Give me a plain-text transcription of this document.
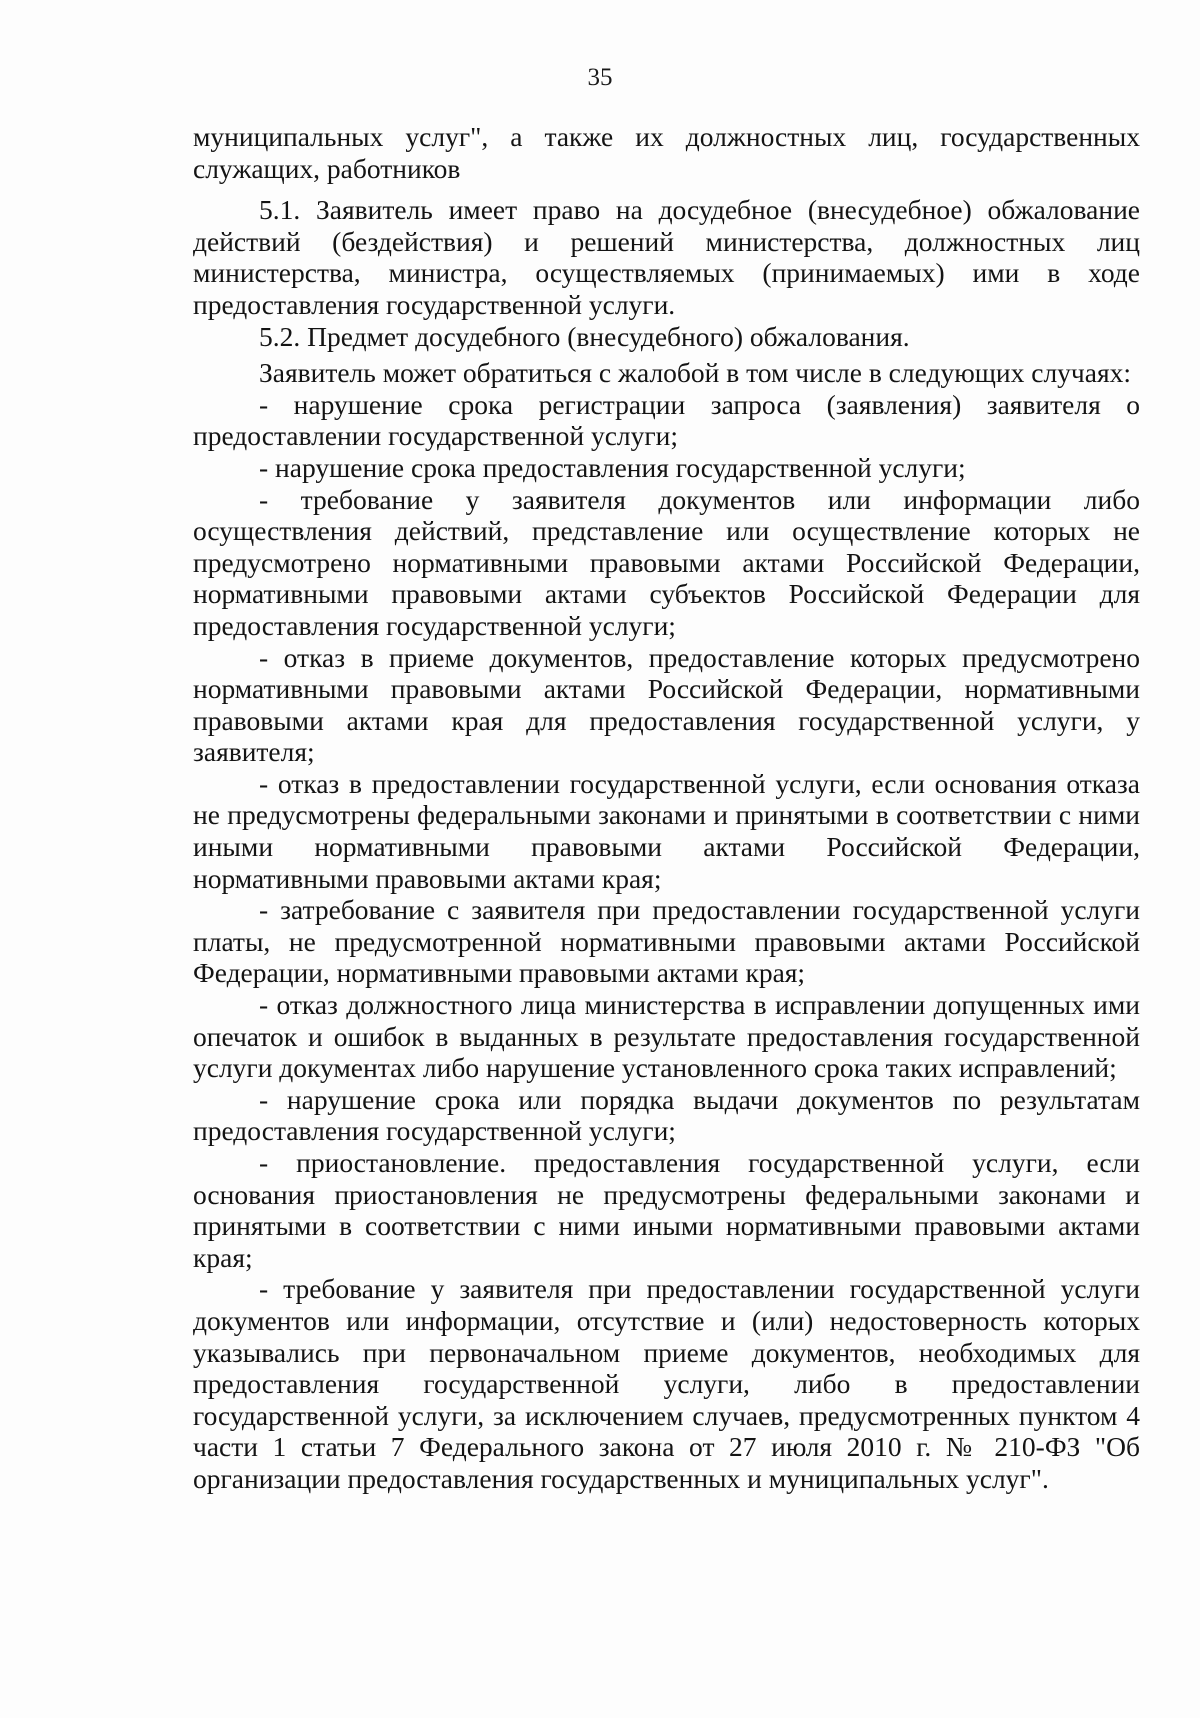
35

муниципальных услуг", а также их должностных лиц, государственных служащих, работников

5.1. Заявитель имеет право на досудебное (внесудебное) обжалование действий (бездействия) и решений министерства, должностных лиц министерства, министра, осуществляемых (принимаемых) ими в ходе предоставления государственной услуги.

5.2. Предмет досудебного (внесудебного) обжалования.

Заявитель может обратиться с жалобой в том числе в следующих случаях:

- нарушение срока регистрации запроса (заявления) заявителя о предоставлении государственной услуги;

- нарушение срока предоставления государственной услуги;

- требование у заявителя документов или информации либо осуществления действий, представление или осуществление которых не предусмотрено нормативными правовыми актами Российской Федерации, нормативными правовыми актами субъектов Российской Федерации для предоставления государственной услуги;

- отказ в приеме документов, предоставление которых предусмотрено нормативными правовыми актами Российской Федерации, нормативными правовыми актами края для предоставления государственной услуги, у заявителя;

- отказ в предоставлении государственной услуги, если основания отказа не предусмотрены федеральными законами и принятыми в соответствии с ними иными нормативными правовыми актами Российской Федерации, нормативными правовыми актами края;

- затребование с заявителя при предоставлении государственной услуги платы, не предусмотренной нормативными правовыми актами Российской Федерации, нормативными правовыми актами края;

- отказ должностного лица министерства в исправлении допущенных ими опечаток и ошибок в выданных в результате предоставления государственной услуги документах либо нарушение установленного срока таких исправлений;

- нарушение срока или порядка выдачи документов по результатам предоставления государственной услуги;

- приостановление. предоставления государственной услуги, если основания приостановления не предусмотрены федеральными законами и принятыми в соответствии с ними иными нормативными правовыми актами края;

- требование у заявителя при предоставлении государственной услуги документов или информации, отсутствие и (или) недостоверность которых указывались при первоначальном приеме документов, необходимых для предоставления государственной услуги, либо в предоставлении государственной услуги, за исключением случаев, предусмотренных пунктом 4 части 1 статьи 7 Федерального закона от 27 июля 2010 г. № 210-ФЗ "Об организации предоставления государственных и муниципальных услуг".
